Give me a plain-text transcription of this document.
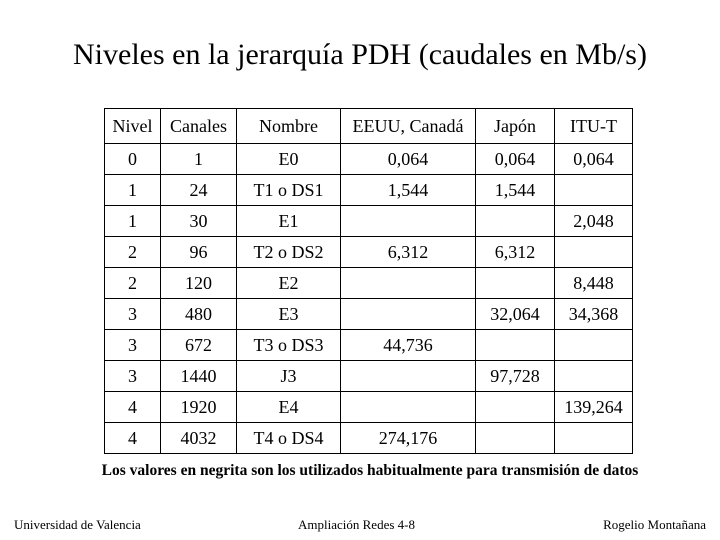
Niveles en la jerarquía PDH (caudales en Mb/s)
Nivel	Canales	Nombre	EEUU, Canadá	Japón	ITU-T
0	1	E0	0,064	0,064	0,064
1	24	T1 o DS1	1,544	1,544	
1	30	E1			2,048
2	96	T2 o DS2	6,312	6,312	
2	120	E2			8,448
3	480	E3		32,064	34,368
3	672	T3 o DS3	44,736		
3	1440	J3		97,728	
4	1920	E4			139,264
4	4032	T4 o DS4	274,176		
Los valores en negrita son los utilizados habitualmente para transmisión de datos
Universidad de Valencia	Ampliación Redes 4-8	Rogelio Montañana
